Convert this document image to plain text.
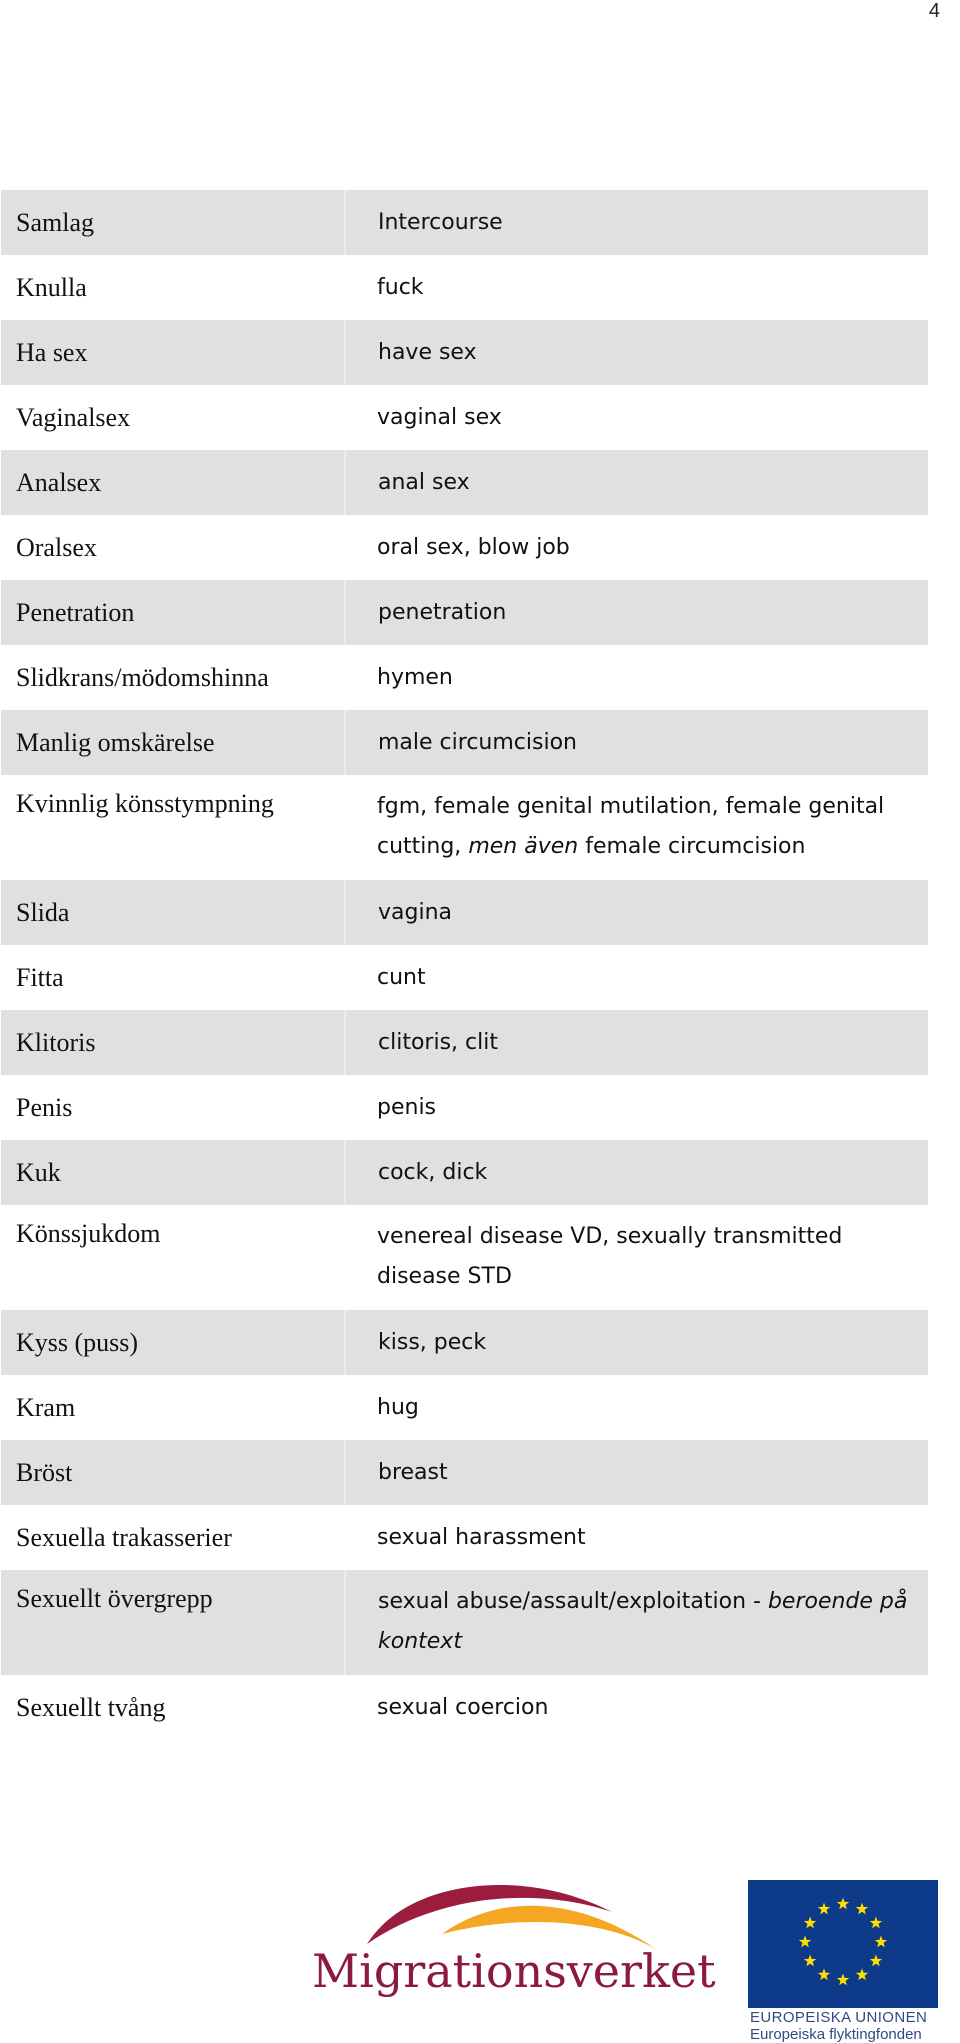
4
Samlag	Intercourse
Knulla	fuck
Ha sex	have sex
Vaginalsex	vaginal sex
Analsex	anal sex
Oralsex	oral sex, blow job
Penetration	penetration
Slidkrans/mödomshinna	hymen
Manlig omskärelse	male circumcision
Kvinnlig könsstympning	fgm, female genital mutilation, female genital cutting, men även female circumcision
Slida	vagina
Fitta	cunt
Klitoris	clitoris, clit
Penis	penis
Kuk	cock, dick
Könssjukdom	venereal disease VD, sexually transmitted disease STD
Kyss (puss)	kiss, peck
Kram	hug
Bröst	breast
Sexuella trakasserier	sexual harassment
Sexuellt övergrepp	sexual abuse/assault/exploitation - beroende på kontext
Sexuellt tvång	sexual coercion
Migrationsverket
EUROPEISKA UNIONEN
Europeiska flyktingfonden
